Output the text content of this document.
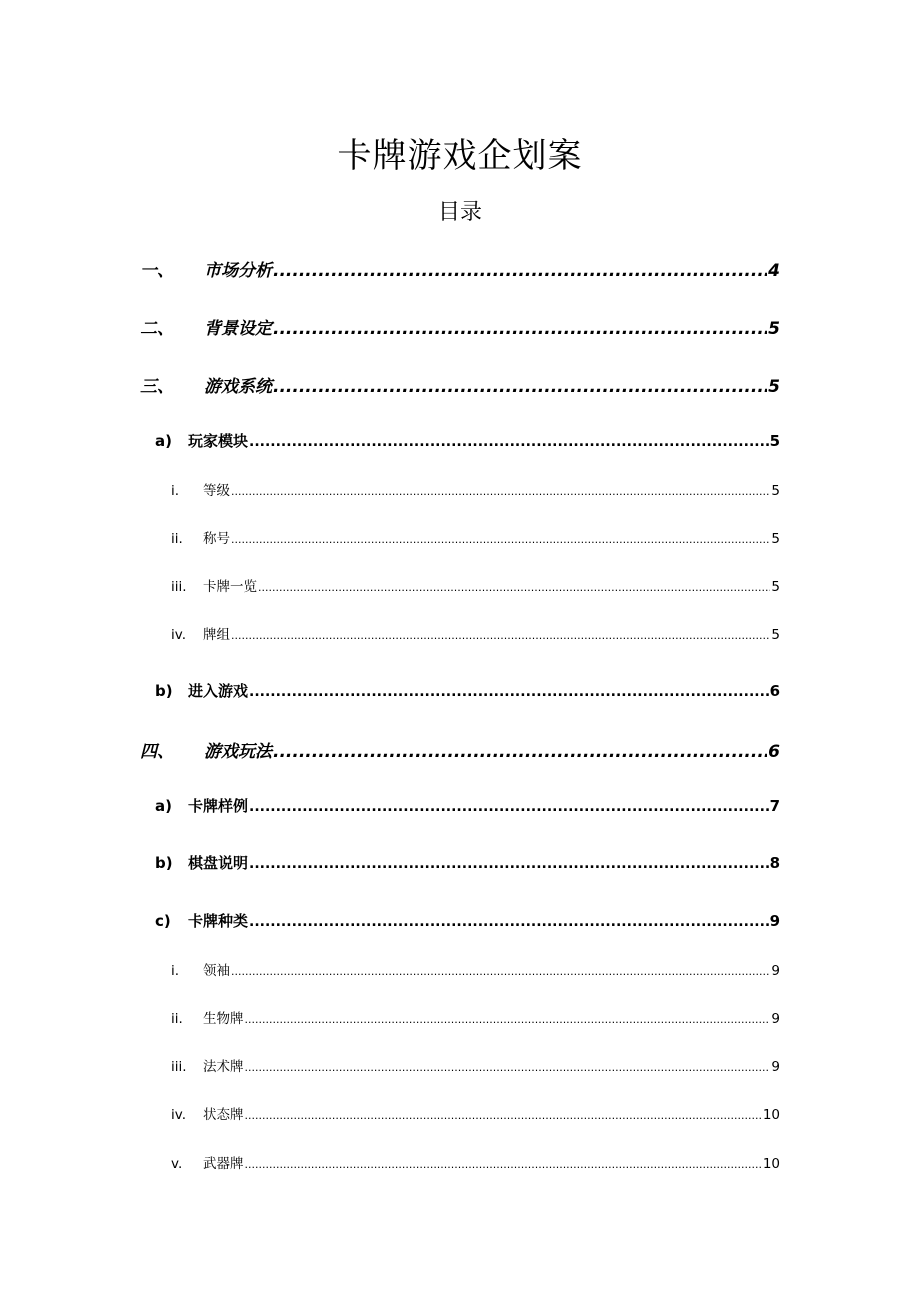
卡牌游戏企划案
目录
一、	市场分析 .....	4
二、	背景设定 .....	5
三、	游戏系统 .....	5
a)	玩家模块 .....	5
i.	等级 .....	5
ii.	称号 .....	5
iii.	卡牌一览 .....	5
iv.	牌组 .....	5
b)	进入游戏 .....	6
四、	游戏玩法 .....	6
a)	卡牌样例 .....	7
b)	棋盘说明 .....	8
c)	卡牌种类 .....	9
i.	领袖 .....	9
ii.	生物牌 .....	9
iii.	法术牌 .....	9
iv.	状态牌 .....	10
v.	武器牌 .....	10
